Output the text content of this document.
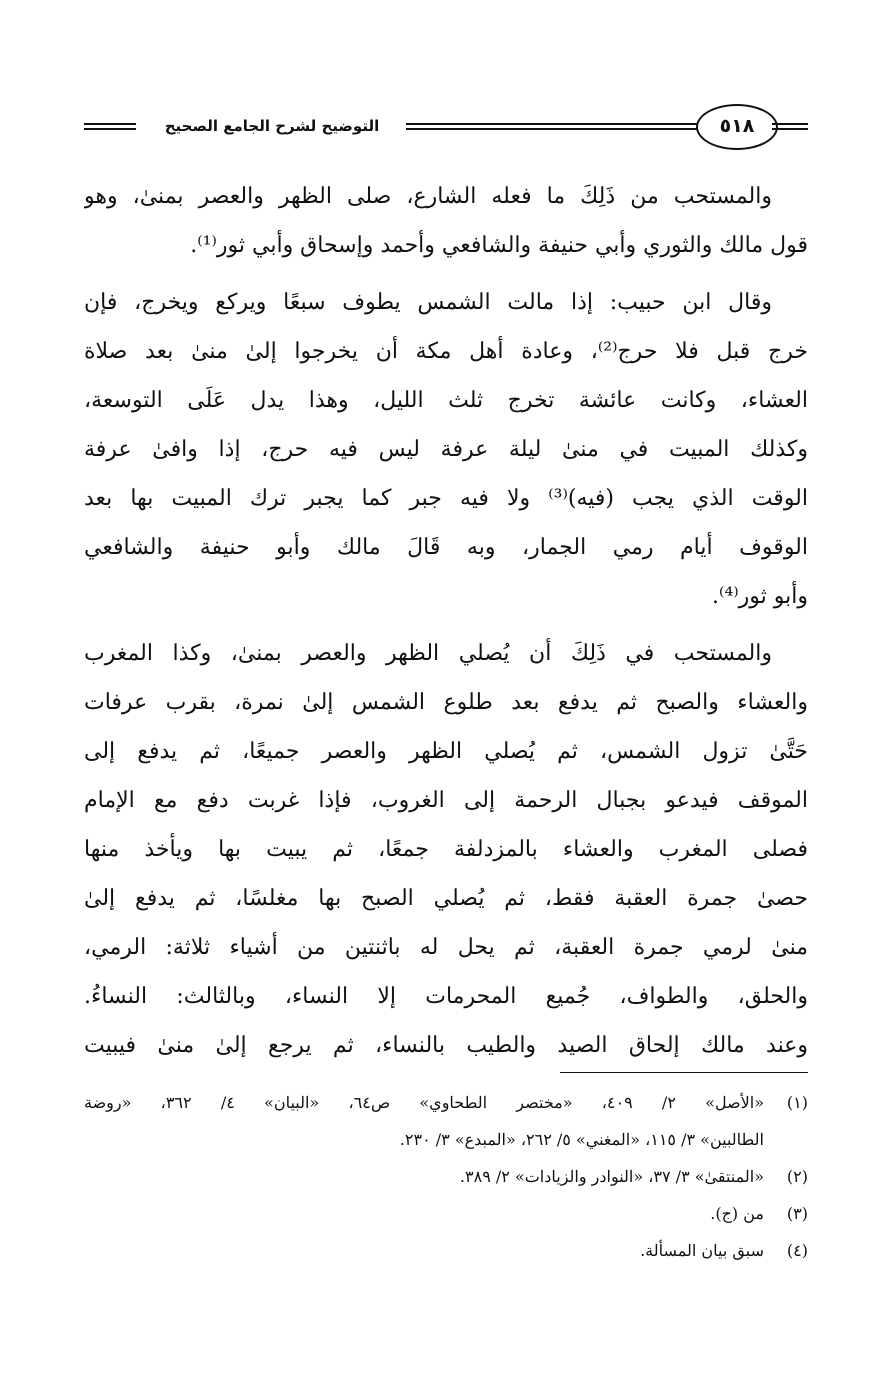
التوضيح لشرح الجامع الصحيح	٥١٨

والمستحب من ذَلِكَ ما فعله الشارع، صلى الظهر والعصر بمنىٰ، وهو
قول مالك والثوري وأبي حنيفة والشافعي وأحمد وإسحاق وأبي ثور⁽¹⁾.

وقال ابن حبيب: إذا مالت الشمس يطوف سبعًا ويركع ويخرج، فإن
خرج قبل فلا حرج⁽²⁾، وعادة أهل مكة أن يخرجوا إلىٰ منىٰ بعد صلاة
العشاء، وكانت عائشة تخرج ثلث الليل، وهذا يدل عَلَى التوسعة،
وكذلك المبيت في منىٰ ليلة عرفة ليس فيه حرج، إذا وافىٰ عرفة
الوقت الذي يجب (فيه)⁽³⁾ ولا فيه جبر كما يجبر ترك المبيت بها بعد
الوقوف أيام رمي الجمار، وبه قَالَ مالك وأبو حنيفة والشافعي
وأبو ثور⁽⁴⁾.

والمستحب في ذَلِكَ أن يُصلي الظهر والعصر بمنىٰ، وكذا المغرب
والعشاء والصبح ثم يدفع بعد طلوع الشمس إلىٰ نمرة، بقرب عرفات
حَتَّىٰ تزول الشمس، ثم يُصلي الظهر والعصر جميعًا، ثم يدفع إلى
الموقف فيدعو بجبال الرحمة إلى الغروب، فإذا غربت دفع مع الإمام
فصلى المغرب والعشاء بالمزدلفة جمعًا، ثم يبيت بها ويأخذ منها
حصىٰ جمرة العقبة فقط، ثم يُصلي الصبح بها مغلسًا، ثم يدفع إلىٰ
منىٰ لرمي جمرة العقبة، ثم يحل له باثنتين من أشياء ثلاثة: الرمي،
والحلق، والطواف، جُميع المحرمات إلا النساء، وبالثالث: النساءُ.
وعند مالك إلحاق الصيد والطيب بالنساء، ثم يرجع إلىٰ منىٰ فيبيت

(١)
«الأصل» ٢/ ٤٠٩، «مختصر الطحاوي» ص٦٤، «البيان» ٤/ ٣٦٢، «روضة
الطالبين» ٣/ ١١٥، «المغني» ٥/ ٢٦٢، «المبدع» ٣/ ٢٣٠.
(٢)
«المنتقىٰ» ٣/ ٣٧، «النوادر والزيادات» ٢/ ٣٨٩.
(٣)
من (ج).
(٤)
سبق بيان المسألة.
